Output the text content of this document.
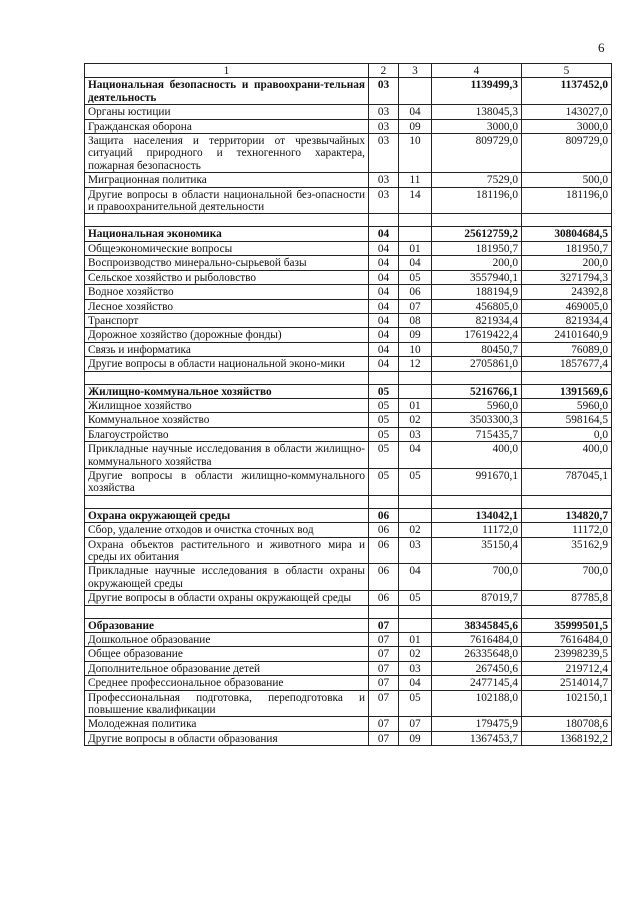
6
1	2	3	4	5
Национальная безопасность и правоохрани-тельная деятельность	03		1139499,3	1137452,0
Органы юстиции	03	04	138045,3	143027,0
Гражданская оборона	03	09	3000,0	3000,0
Защита населения и территории от чрезвычайных ситуаций природного и техногенного характера, пожарная безопасность	03	10	809729,0	809729,0
Миграционная политика	03	11	7529,0	500,0
Другие вопросы в области национальной без-опасности и правоохранительной деятельности	03	14	181196,0	181196,0

Национальная экономика	04		25612759,2	30804684,5
Общеэкономические вопросы	04	01	181950,7	181950,7
Воспроизводство минерально-сырьевой базы	04	04	200,0	200,0
Сельское хозяйство и рыболовство	04	05	3557940,1	3271794,3
Водное хозяйство	04	06	188194,9	24392,8
Лесное хозяйство	04	07	456805,0	469005,0
Транспорт	04	08	821934,4	821934,4
Дорожное хозяйство (дорожные фонды)	04	09	17619422,4	24101640,9
Связь и информатика	04	10	80450,7	76089,0
Другие вопросы в области национальной эконо-мики	04	12	2705861,0	1857677,4

Жилищно-коммунальное хозяйство	05		5216766,1	1391569,6
Жилищное хозяйство	05	01	5960,0	5960,0
Коммунальное хозяйство	05	02	3503300,3	598164,5
Благоустройство	05	03	715435,7	0,0
Прикладные научные исследования в области жилищно-коммунального хозяйства	05	04	400,0	400,0
Другие вопросы в области жилищно-коммунального хозяйства	05	05	991670,1	787045,1

Охрана окружающей среды	06		134042,1	134820,7
Сбор, удаление отходов и очистка сточных вод	06	02	11172,0	11172,0
Охрана объектов растительного и животного мира и среды их обитания	06	03	35150,4	35162,9
Прикладные научные исследования в области охраны окружающей среды	06	04	700,0	700,0
Другие вопросы в области охраны окружающей среды	06	05	87019,7	87785,8

Образование	07		38345845,6	35999501,5
Дошкольное образование	07	01	7616484,0	7616484,0
Общее образование	07	02	26335648,0	23998239,5
Дополнительное образование детей	07	03	267450,6	219712,4
Среднее профессиональное образование	07	04	2477145,4	2514014,7
Профессиональная подготовка, переподготовка и повышение квалификации	07	05	102188,0	102150,1
Молодежная политика	07	07	179475,9	180708,6
Другие вопросы в области образования	07	09	1367453,7	1368192,2
